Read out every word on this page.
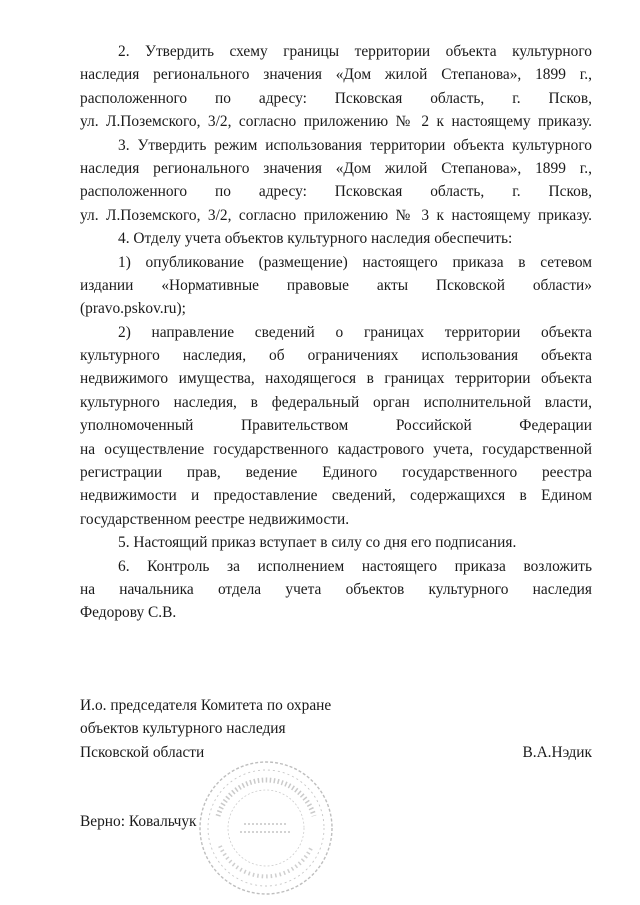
2. Утвердить схему границы территории объекта культурного
наследия регионального значения «Дом жилой Степанова», 1899 г.,
расположенного по адресу: Псковская область, г. Псков,
ул. Л.Поземского, 3/2, согласно приложению № 2 к настоящему приказу.
3. Утвердить режим использования территории объекта культурного
наследия регионального значения «Дом жилой Степанова», 1899 г.,
расположенного по адресу: Псковская область, г. Псков,
ул. Л.Поземского, 3/2, согласно приложению № 3 к настоящему приказу.
4. Отделу учета объектов культурного наследия обеспечить:
1) опубликование (размещение) настоящего приказа в сетевом
издании «Нормативные правовые акты Псковской области»
(pravo.pskov.ru);
2) направление сведений о границах территории объекта
культурного наследия, об ограничениях использования объекта
недвижимого имущества, находящегося в границах территории объекта
культурного наследия, в федеральный орган исполнительной власти,
уполномоченный Правительством Российской Федерации
на осуществление государственного кадастрового учета, государственной
регистрации прав, ведение Единого государственного реестра
недвижимости и предоставление сведений, содержащихся в Едином
государственном реестре недвижимости.
5. Настоящий приказ вступает в силу со дня его подписания.
6. Контроль за исполнением настоящего приказа возложить
на начальника отдела учета объектов культурного наследия
Федорову С.В.
И.о. председателя Комитета по охране
объектов культурного наследия
Псковской области	В.А.Нэдик
Верно: Ковальчук
